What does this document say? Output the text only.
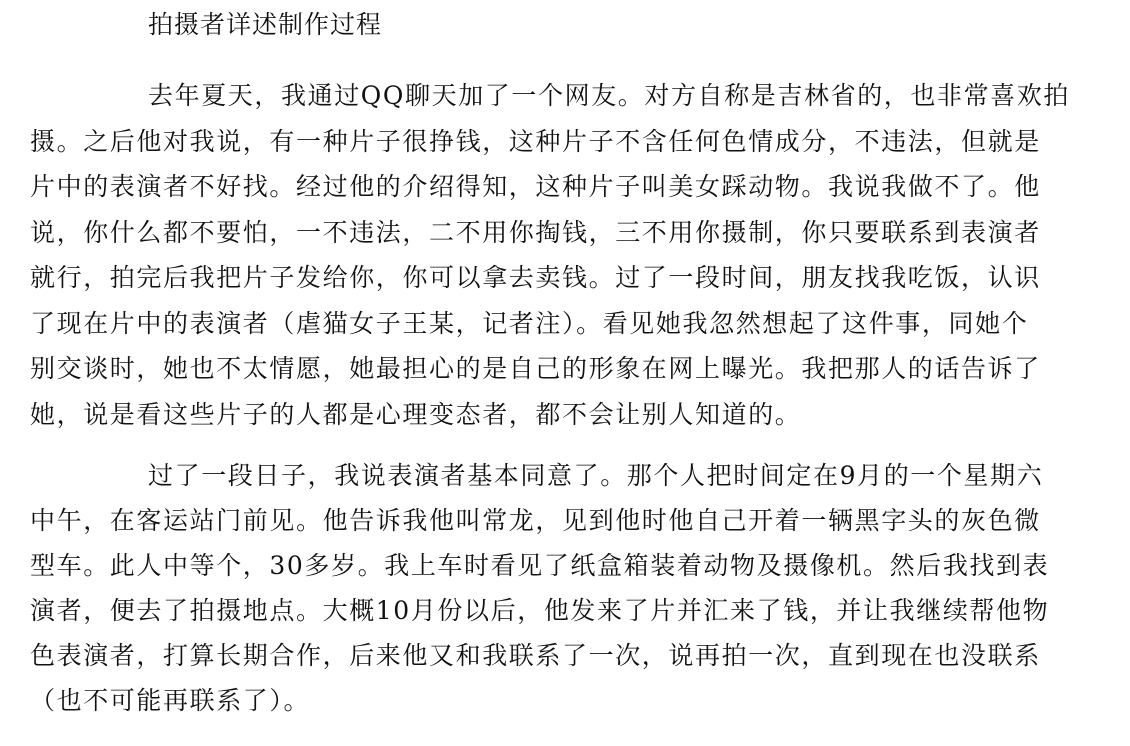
拍摄者详述制作过程

去年夏天，我通过QQ聊天加了一个网友。对方自称是吉林省的，也非常喜欢拍
摄。之后他对我说，有一种片子很挣钱，这种片子不含任何色情成分，不违法，但就是
片中的表演者不好找。经过他的介绍得知，这种片子叫美女踩动物。我说我做不了。他
说，你什么都不要怕，一不违法，二不用你掏钱，三不用你摄制，你只要联系到表演者
就行，拍完后我把片子发给你，你可以拿去卖钱。过了一段时间，朋友找我吃饭，认识
了现在片中的表演者（虐猫女子王某，记者注）。看见她我忽然想起了这件事，同她个
别交谈时，她也不太情愿，她最担心的是自己的形象在网上曝光。我把那人的话告诉了
她，说是看这些片子的人都是心理变态者，都不会让别人知道的。

过了一段日子，我说表演者基本同意了。那个人把时间定在9月的一个星期六
中午，在客运站门前见。他告诉我他叫常龙，见到他时他自己开着一辆黑字头的灰色微
型车。此人中等个，30多岁。我上车时看见了纸盒箱装着动物及摄像机。然后我找到表
演者，便去了拍摄地点。大概10月份以后，他发来了片并汇来了钱，并让我继续帮他物
色表演者，打算长期合作，后来他又和我联系了一次，说再拍一次，直到现在也没联系
（也不可能再联系了）。
